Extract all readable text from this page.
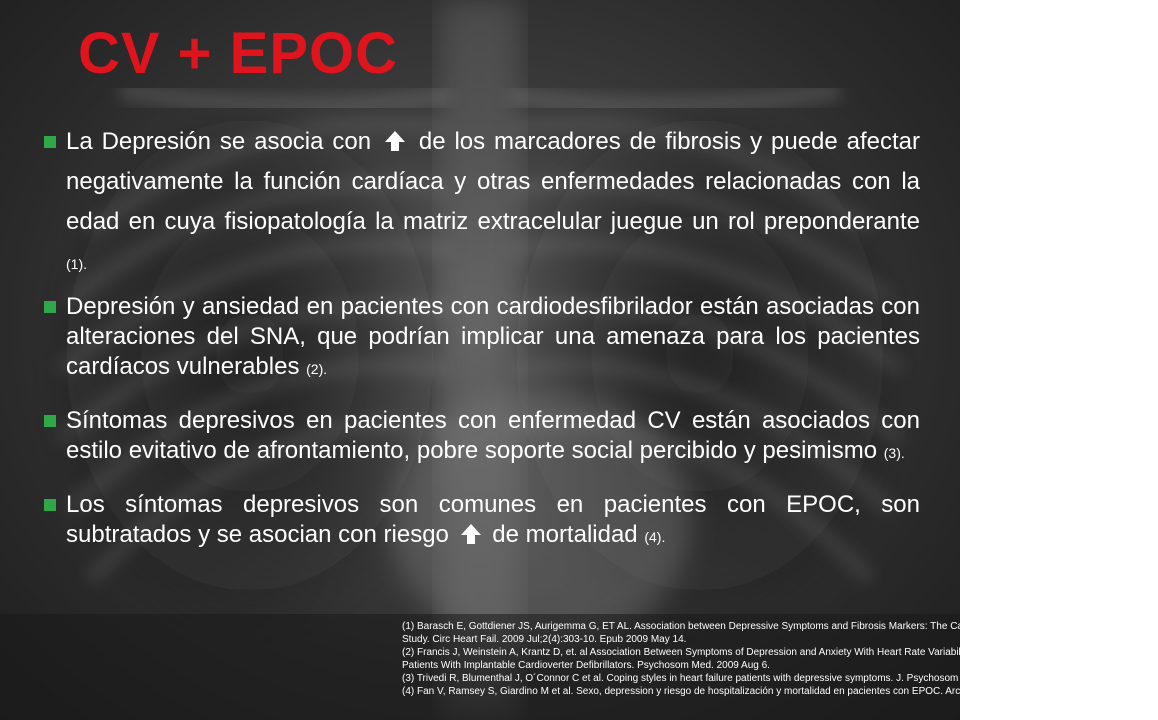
CV + EPOC
La Depresión se asocia con de los marcadores de fibrosis y puede afectar negativamente la función cardíaca y otras enfermedades relacionadas con la edad en cuya fisiopatología la matriz extracelular juegue un rol preponderante (1).
Depresión y ansiedad en pacientes con cardiodesfibrilador están asociadas con alteraciones del SNA, que podrían implicar una amenaza para los pacientes cardíacos vulnerables (2).
Síntomas depresivos en pacientes con enfermedad CV están asociados con estilo evitativo de afrontamiento, pobre soporte social percibido y pesimismo (3).
Los síntomas depresivos son comunes en pacientes con EPOC, son subtratados y se asocian con riesgo de mortalidad (4).
(1) Barasch E, Gottdiener JS, Aurigemma G, ET AL. Association between Depressive Symptoms and Fibrosis Markers: The Cardiovascular Health
Study. Circ Heart Fail. 2009 Jul;2(4):303-10. Epub 2009 May 14.
(2) Francis J, Weinstein A, Krantz D, et. al Association Between Symptoms of Depression and Anxiety With Heart Rate Variability in
Patients With Implantable Cardioverter Defibrillators. Psychosom Med. 2009 Aug 6.
(3) Trivedi R, Blumenthal J, O´Connor C et al. Coping styles in heart failure patients with depressive symptoms. J. Psychosom Res. 2009 Oct;67(4):339-46
(4) Fan V, Ramsey S, Giardino M et al. Sexo, depression y riesgo de hospitalización y mortalidad en pacientes con EPOC. Arch Intern Med. 2007 Nov 26;167(21):2345-53.
